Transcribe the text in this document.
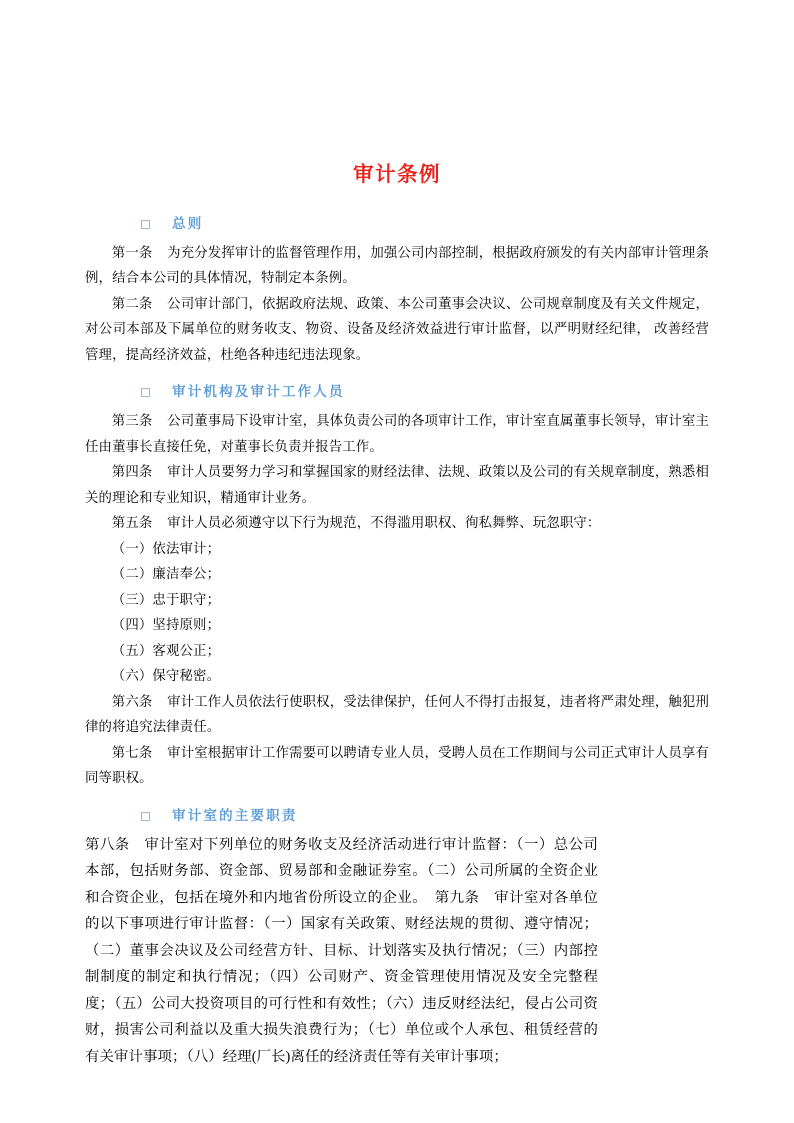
审计条例
总则

第一条 为充分发挥审计的监督管理作用，加强公司内部控制，根据政府颁发的有关内部审计管理条例，结合本公司的具体情况，特制定本条例。

第二条 公司审计部门，依据政府法规、政策、本公司董事会决议、公司规章制度及有关文件规定，对公司本部及下属单位的财务收支、物资、设备及经济效益进行审计监督，以严明财经纪律， 改善经营管理，提高经济效益，杜绝各种违纪违法现象。

审计机构及审计工作人员

第三条 公司董事局下设审计室，具体负责公司的各项审计工作，审计室直属董事长领导，审计室主任由董事长直接任免，对董事长负责并报告工作。

第四条 审计人员要努力学习和掌握国家的财经法律、法规、政策以及公司的有关规章制度，熟悉相关的理论和专业知识，精通审计业务。

第五条 审计人员必须遵守以下行为规范，不得滥用职权、徇私舞弊、玩忽职守：

（一）依法审计；

（二）廉洁奉公；

（三）忠于职守；

（四）坚持原则；

（五）客观公正；

（六）保守秘密。

第六条 审计工作人员依法行使职权，受法律保护，任何人不得打击报复，违者将严肃处理，触犯刑律的将追究法律责任。

第七条 审计室根据审计工作需要可以聘请专业人员，受聘人员在工作期间与公司正式审计人员享有同等职权。

审计室的主要职责

第八条　审计室对下列单位的财务收支及经济活动进行审计监督：（一）总公司本部，包括财务部、资金部、贸易部和金融证券室。（二）公司所属的全资企业和合资企业，包括在境外和内地省份所设立的企业。　第九条　审计室对各单位的以下事项进行审计监督：（一）国家有关政策、财经法规的贯彻、遵守情况；（二）董事会决议及公司经营方针、目标、计划落实及执行情况；（三）内部控制制度的制定和执行情况；（四）公司财产、资金管理使用情况及安全完整程度；（五）公司大投资项目的可行性和有效性；（六）违反财经法纪，侵占公司资财，损害公司利益以及重大损失浪费行为；（七）单位或个人承包、租赁经营的有关审计事项；（八）经理(厂长)离任的经济责任等有关审计事项；
